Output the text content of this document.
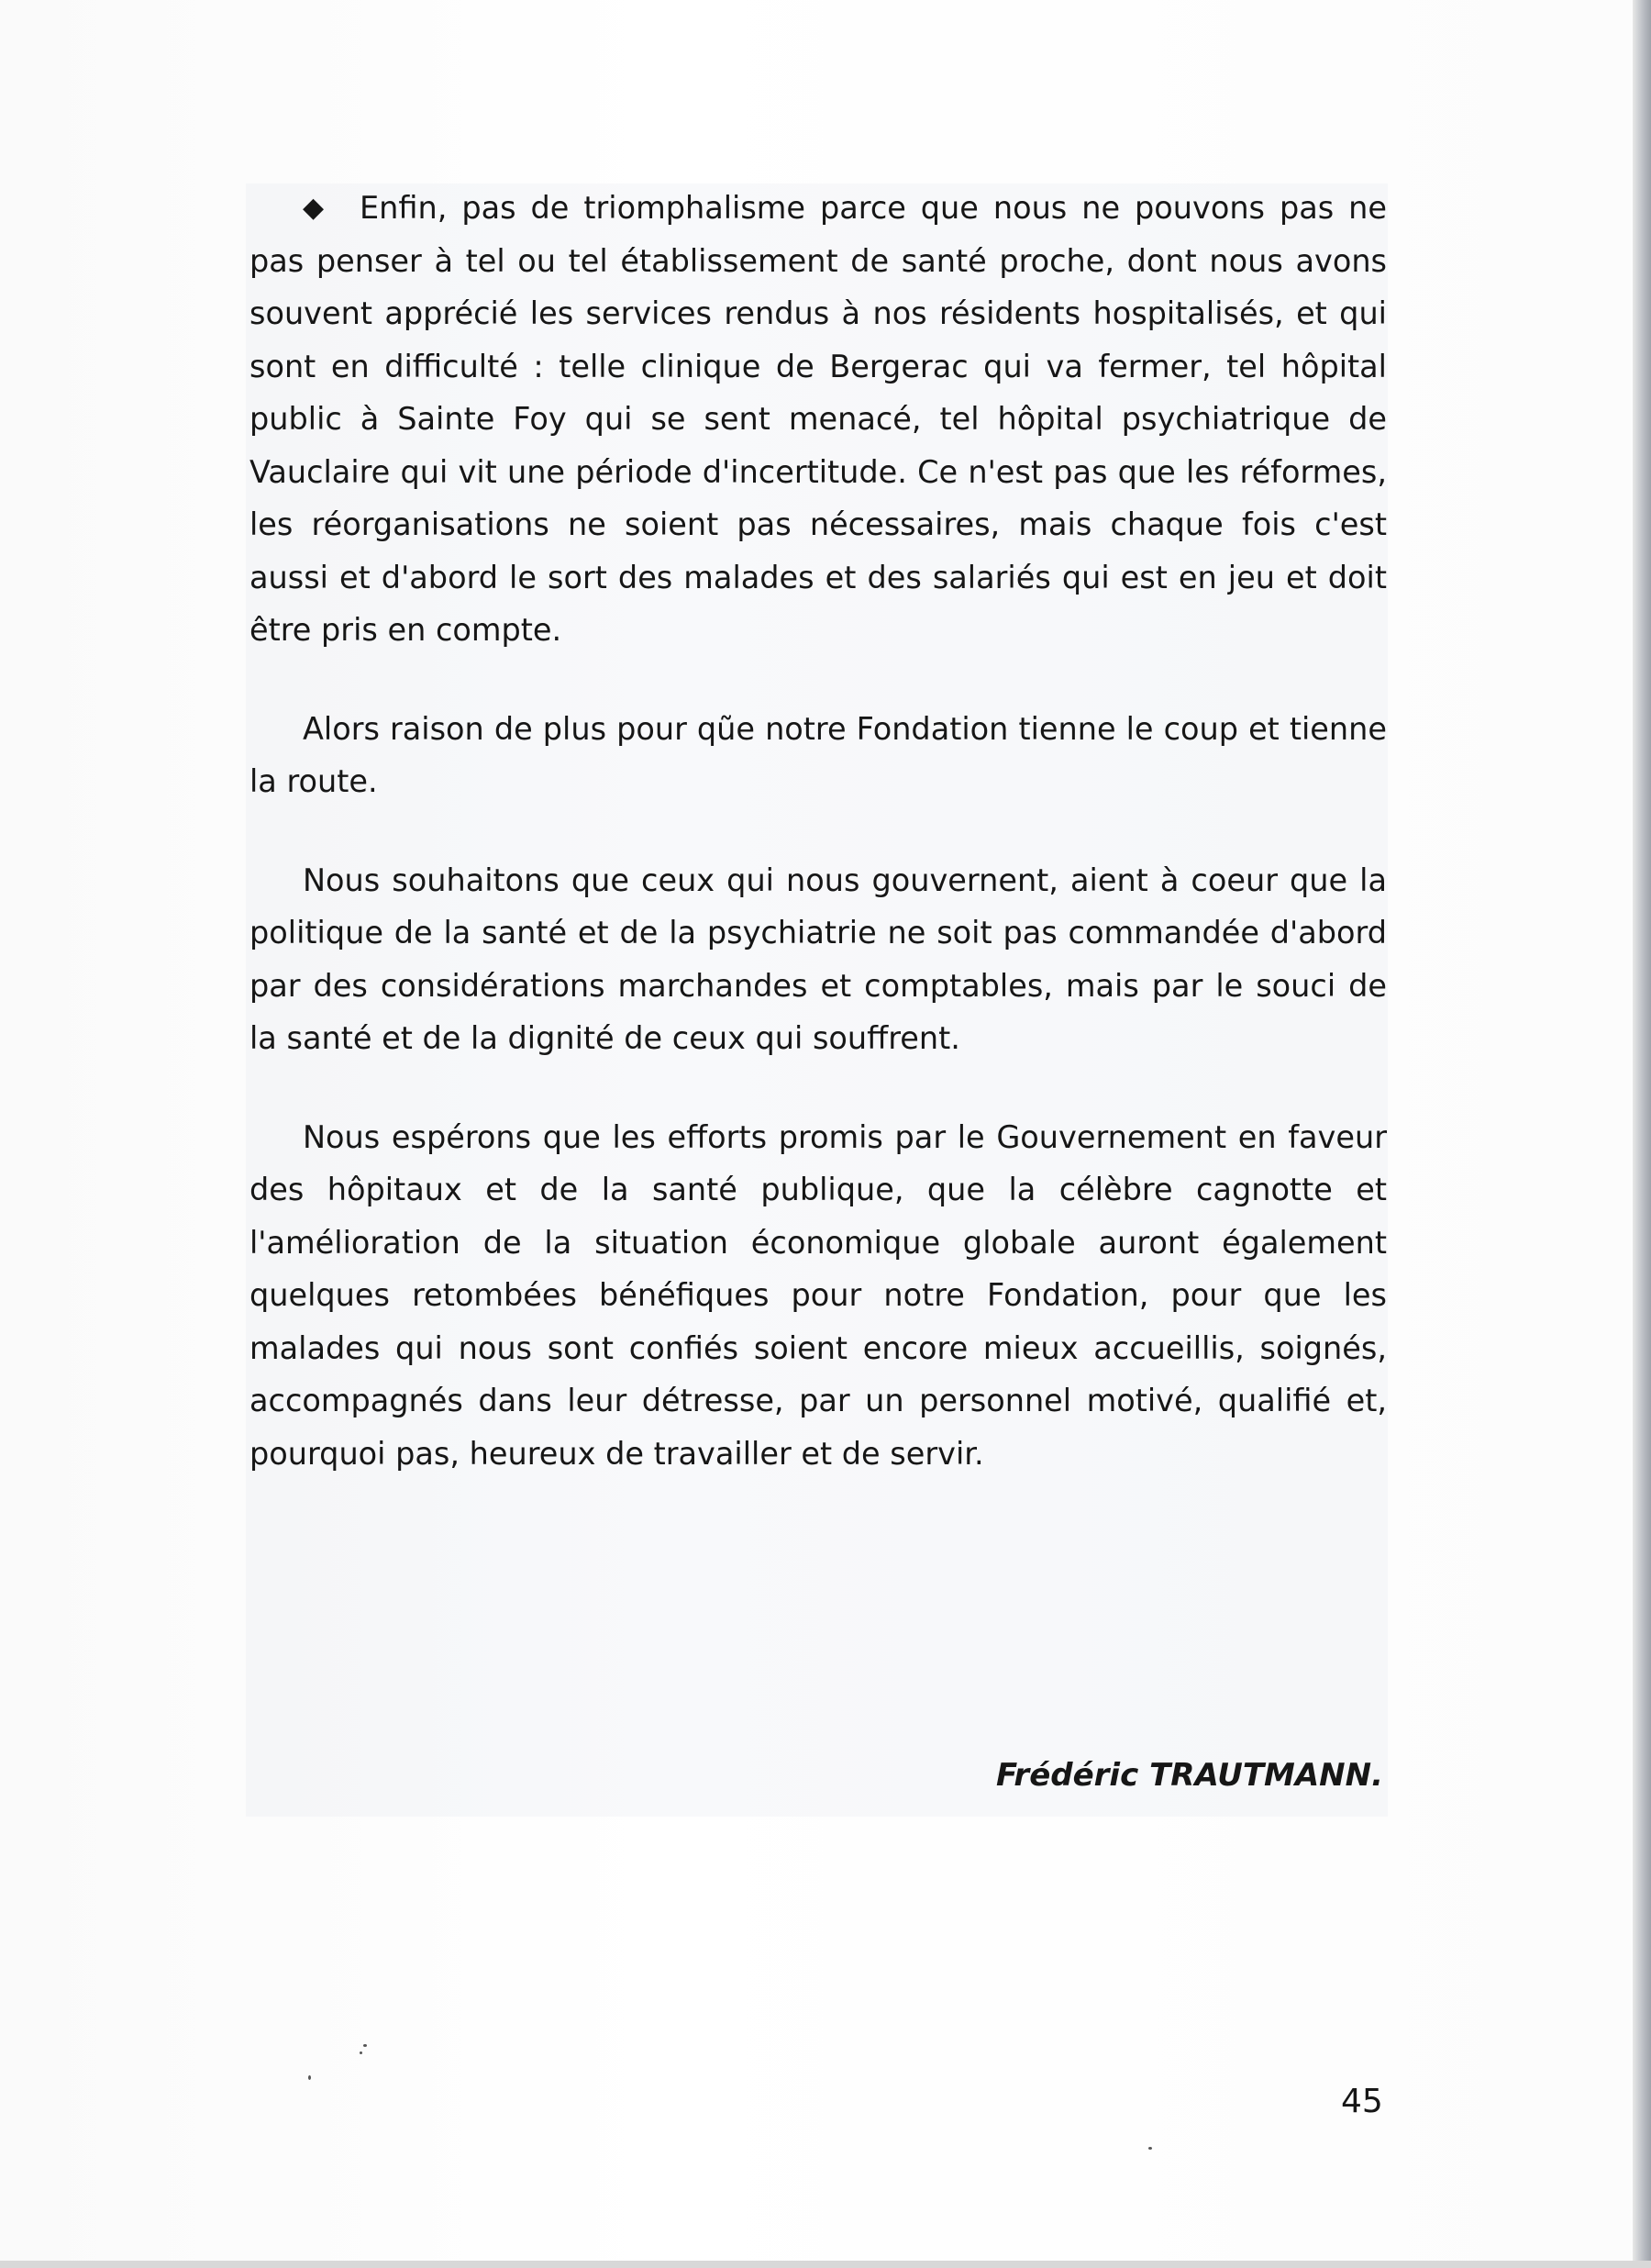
◆ Enfin, pas de triomphalisme parce que nous ne pouvons pas ne pas penser à tel ou tel établissement de santé proche, dont nous avons souvent apprécié les services rendus à nos résidents hospitalisés, et qui sont en difficulté : telle clinique de Bergerac qui va fermer, tel hôpital public à Sainte Foy qui se sent menacé, tel hôpital psychiatrique de Vauclaire qui vit une période d'incertitude. Ce n'est pas que les réformes, les réorganisations ne soient pas nécessaires, mais chaque fois c'est aussi et d'abord le sort des malades et des salariés qui est en jeu et doit être pris en compte.

Alors raison de plus pour qũe notre Fondation tienne le coup et tienne la route.

Nous souhaitons que ceux qui nous gouvernent, aient à coeur que la politique de la santé et de la psychiatrie ne soit pas commandée d'abord par des considérations marchandes et comptables, mais par le souci de la santé et de la dignité de ceux qui souffrent.

Nous espérons que les efforts promis par le Gouvernement en faveur des hôpitaux et de la santé publique, que la célèbre cagnotte et l'amélioration de la situation économique globale auront également quelques retombées bénéfiques pour notre Fondation, pour que les malades qui nous sont confiés soient encore mieux accueillis, soignés, accompagnés dans leur détresse, par un personnel motivé, qualifié et, pourquoi pas, heureux de travailler et de servir.

Frédéric TRAUTMANN.

45
